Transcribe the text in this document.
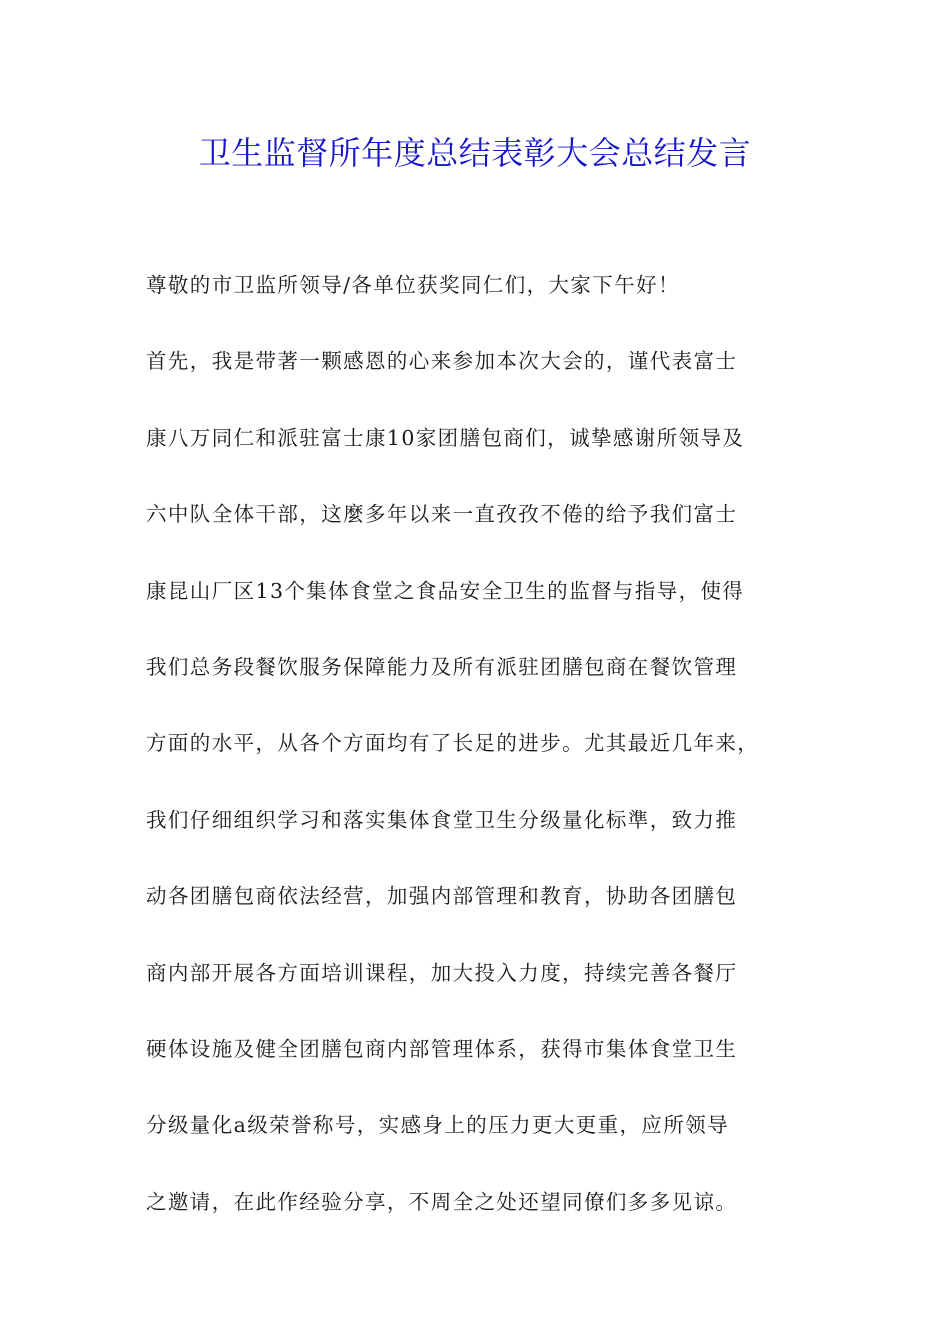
卫生监督所年度总结表彰大会总结发言
尊敬的市卫监所领导/各单位获奖同仁们，大家下午好！
首先，我是带著一颗感恩的心来参加本次大会的，谨代表富士
康八万同仁和派驻富士康10家团膳包商们，诚挚感谢所领导及
六中队全体干部，这麼多年以来一直孜孜不倦的给予我们富士
康昆山厂区13个集体食堂之食品安全卫生的监督与指导，使得
我们总务段餐饮服务保障能力及所有派驻团膳包商在餐饮管理
方面的水平，从各个方面均有了长足的进步。尤其最近几年来，
我们仔细组织学习和落实集体食堂卫生分级量化标準，致力推
动各团膳包商依法经营，加强内部管理和教育，协助各团膳包
商内部开展各方面培训课程，加大投入力度，持续完善各餐厅
硬体设施及健全团膳包商内部管理体系，获得市集体食堂卫生
分级量化a级荣誉称号，实感身上的压力更大更重，应所领导
之邀请，在此作经验分享，不周全之处还望同僚们多多见谅。
